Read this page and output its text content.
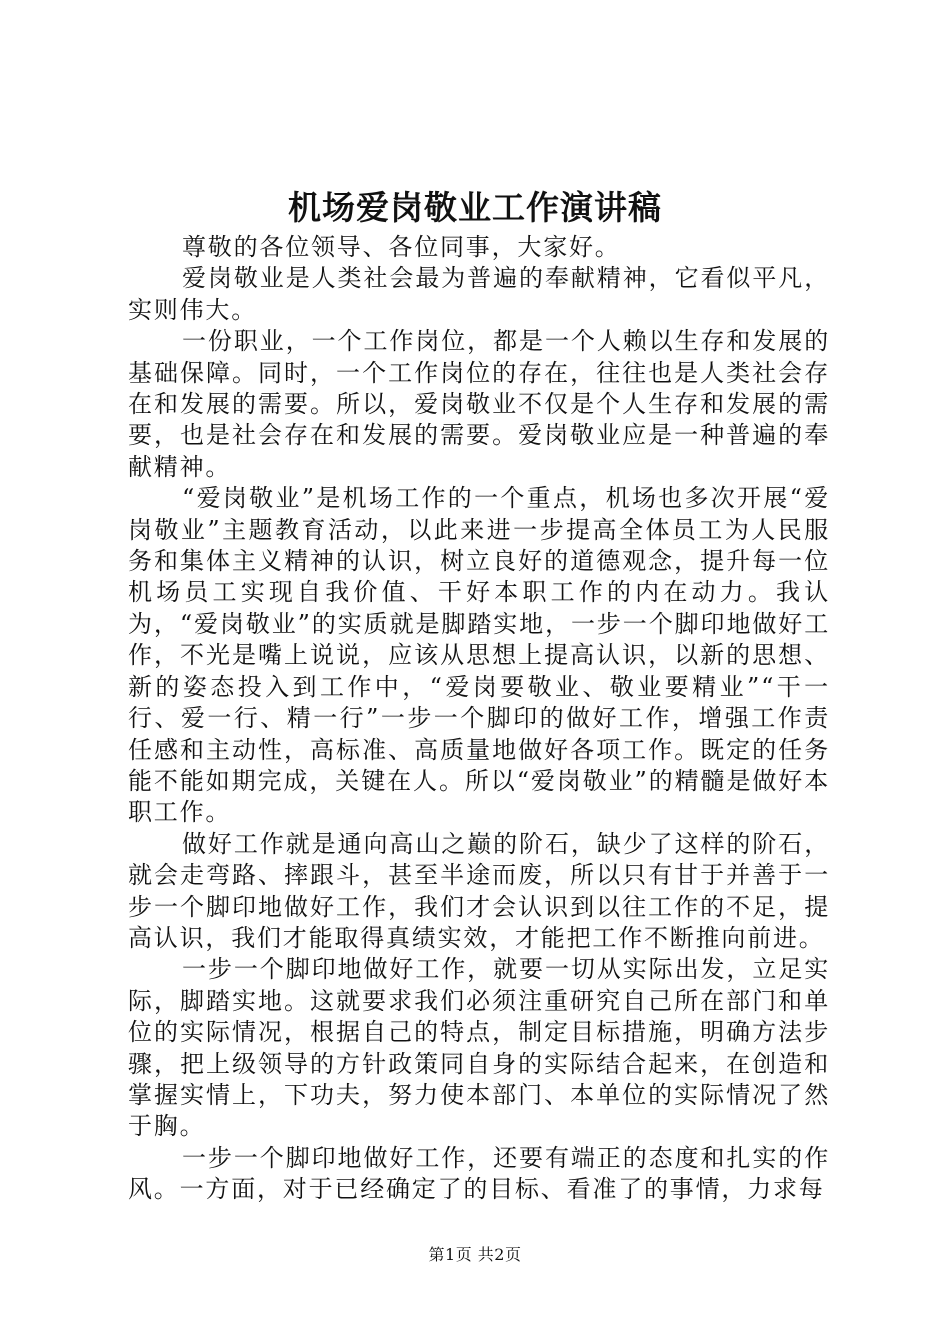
机场爱岗敬业工作演讲稿

尊敬的各位领导、各位同事，大家好。

爱岗敬业是人类社会最为普遍的奉献精神，它看似平凡，实则伟大。

一份职业，一个工作岗位，都是一个人赖以生存和发展的基础保障。同时，一个工作岗位的存在，往往也是人类社会存在和发展的需要。所以，爱岗敬业不仅是个人生存和发展的需要，也是社会存在和发展的需要。爱岗敬业应是一种普遍的奉献精神。

“爱岗敬业”是机场工作的一个重点，机场也多次开展“爱岗敬业”主题教育活动，以此来进一步提高全体员工为人民服务和集体主义精神的认识，树立良好的道德观念，提升每一位机场员工实现自我价值、干好本职工作的内在动力。我认为，“爱岗敬业”的实质就是脚踏实地，一步一个脚印地做好工作，不光是嘴上说说，应该从思想上提高认识，以新的思想、新的姿态投入到工作中，“爱岗要敬业、敬业要精业”“干一行、爱一行、精一行”一步一个脚印的做好工作，增强工作责任感和主动性，高标准、高质量地做好各项工作。既定的任务能不能如期完成，关键在人。所以“爱岗敬业”的精髓是做好本职工作。

做好工作就是通向高山之巅的阶石，缺少了这样的阶石，就会走弯路、摔跟斗，甚至半途而废，所以只有甘于并善于一步一个脚印地做好工作，我们才会认识到以往工作的不足，提高认识，我们才能取得真绩实效，才能把工作不断推向前进。

一步一个脚印地做好工作，就要一切从实际出发，立足实际，脚踏实地。这就要求我们必须注重研究自己所在部门和单位的实际情况，根据自己的特点，制定目标措施，明确方法步骤，把上级领导的方针政策同自身的实际结合起来，在创造和掌握实情上，下功夫，努力使本部门、本单位的实际情况了然于胸。

一步一个脚印地做好工作，还要有端正的态度和扎实的作风。一方面，对于已经确定了的目标、看准了的事情，力求每

第1页 共2页
